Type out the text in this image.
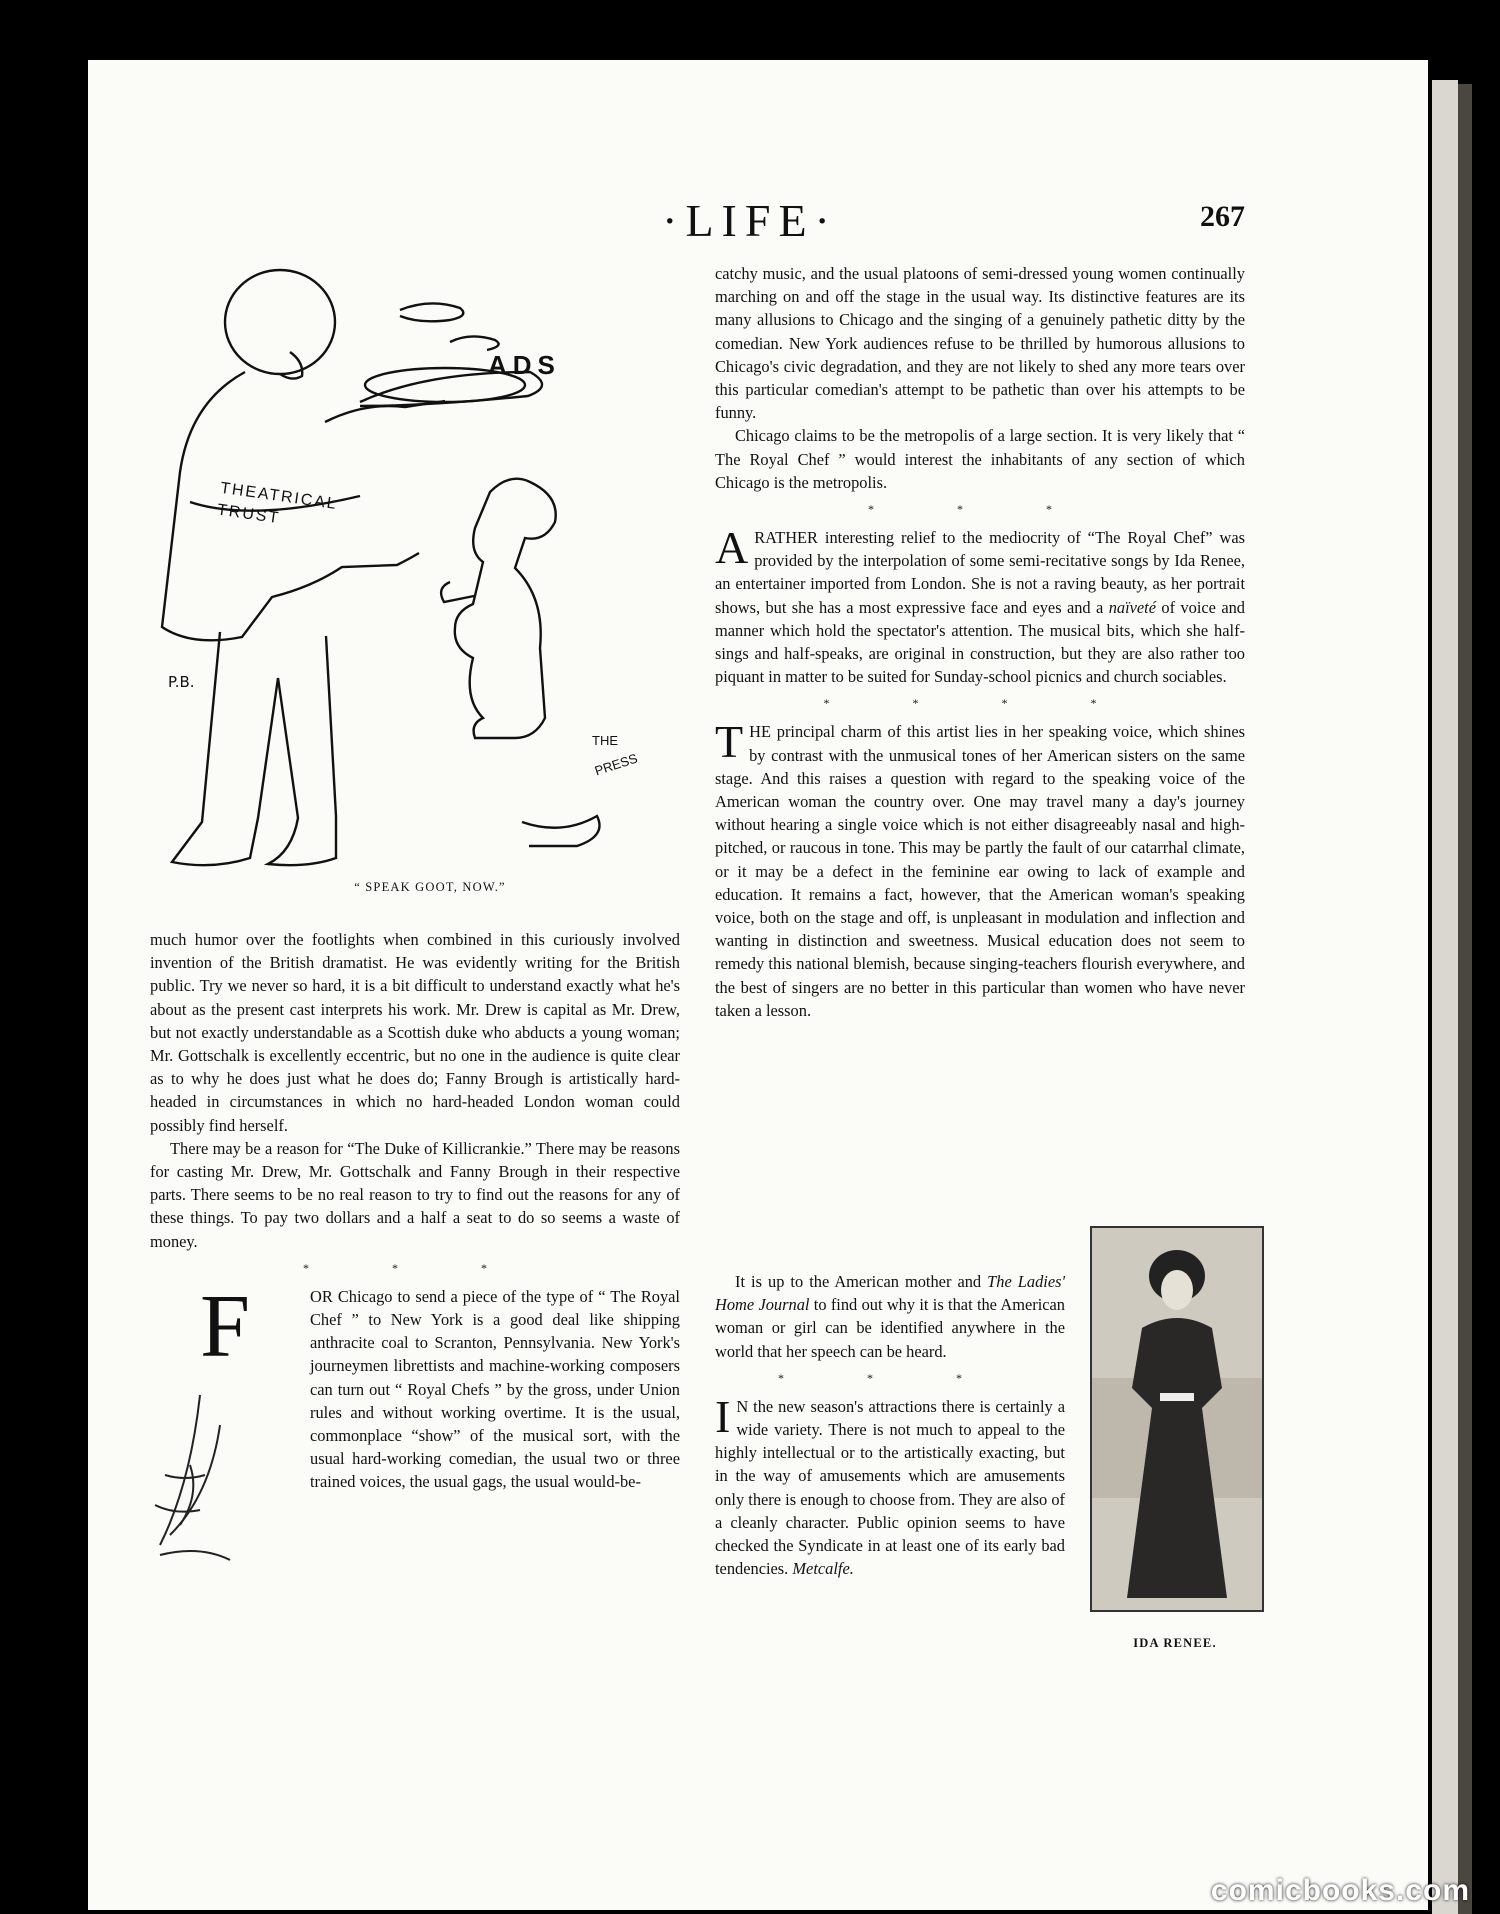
·LIFE·	267
P.B.
ADS
THEATRICAL TRUST
THE
PRESS
“ SPEAK GOOT, NOW.”

much humor over the footlights when combined in this curiously involved invention of the British dramatist. He was evidently writing for the British public. Try we never so hard, it is a bit difficult to understand exactly what he's about as the present cast interprets his work. Mr. Drew is capital as Mr. Drew, but not exactly understandable as a Scottish duke who abducts a young woman; Mr. Gottschalk is excellently eccentric, but no one in the audience is quite clear as to why he does just what he does do; Fanny Brough is artistically hard-headed in circumstances in which no hard-headed London woman could possibly find herself.

There may be a reason for “The Duke of Killicrankie.” There may be reasons for casting Mr. Drew, Mr. Gottschalk and Fanny Brough in their respective parts. There seems to be no real reason to try to find out the reasons for any of these things. To pay two dollars and a half a seat to do so seems a waste of money.

* * *

F	OR Chicago to send a piece of the type of “ The Royal Chef ” to New York is a good deal like shipping anthracite coal to Scranton, Pennsylvania. New York's journeymen librettists and machine-working composers can turn out “ Royal Chefs ” by the gross, under Union rules and without working overtime. It is the usual, commonplace “show” of the musical sort, with the usual hard-working comedian, the usual two or three trained voices, the usual gags, the usual would-be-

catchy music, and the usual platoons of semi-dressed young women continually marching on and off the stage in the usual way. Its distinctive features are its many allusions to Chicago and the singing of a genuinely pathetic ditty by the comedian. New York audiences refuse to be thrilled by humorous allusions to Chicago's civic degradation, and they are not likely to shed any more tears over this particular comedian's attempt to be pathetic than over his attempts to be funny.

Chicago claims to be the metropolis of a large section. It is very likely that “ The Royal Chef ” would interest the inhabitants of any section of which Chicago is the metropolis.

* * *

A RATHER interesting relief to the mediocrity of “The Royal Chef” was provided by the interpolation of some semi-recitative songs by Ida Renee, an entertainer imported from London. She is not a raving beauty, as her portrait shows, but she has a most expressive face and eyes and a naïveté of voice and manner which hold the spectator's attention. The musical bits, which she half-sings and half-speaks, are original in construction, but they are also rather too piquant in matter to be suited for Sunday-school picnics and church sociables.

* * * *

T HE principal charm of this artist lies in her speaking voice, which shines by contrast with the unmusical tones of her American sisters on the same stage. And this raises a question with regard to the speaking voice of the American woman the country over. One may travel many a day's journey without hearing a single voice which is not either disagreeably nasal and high-pitched, or raucous in tone. This may be partly the fault of our catarrhal climate, or it may be a defect in the feminine ear owing to lack of example and education. It remains a fact, however, that the American woman's speaking voice, both on the stage and off, is unpleasant in modulation and inflection and wanting in distinction and sweetness. Musical education does not seem to remedy this national blemish, because singing-teachers flourish everywhere, and the best of singers are no better in this particular than women who have never taken a lesson.

It is up to the American mother and The Ladies' Home Journal to find out why it is that the American woman or girl can be identified anywhere in the world that her speech can be heard.

* * *

I N the new season's attractions there is certainly a wide variety. There is not much to appeal to the highly intellectual or to the artistically exacting, but in the way of amusements which are amusements only there is enough to choose from. They are also of a cleanly character. Public opinion seems to have checked the Syndicate in at least one of its early bad tendencies. Metcalfe.

IDA RENEE.
comicbooks.com
